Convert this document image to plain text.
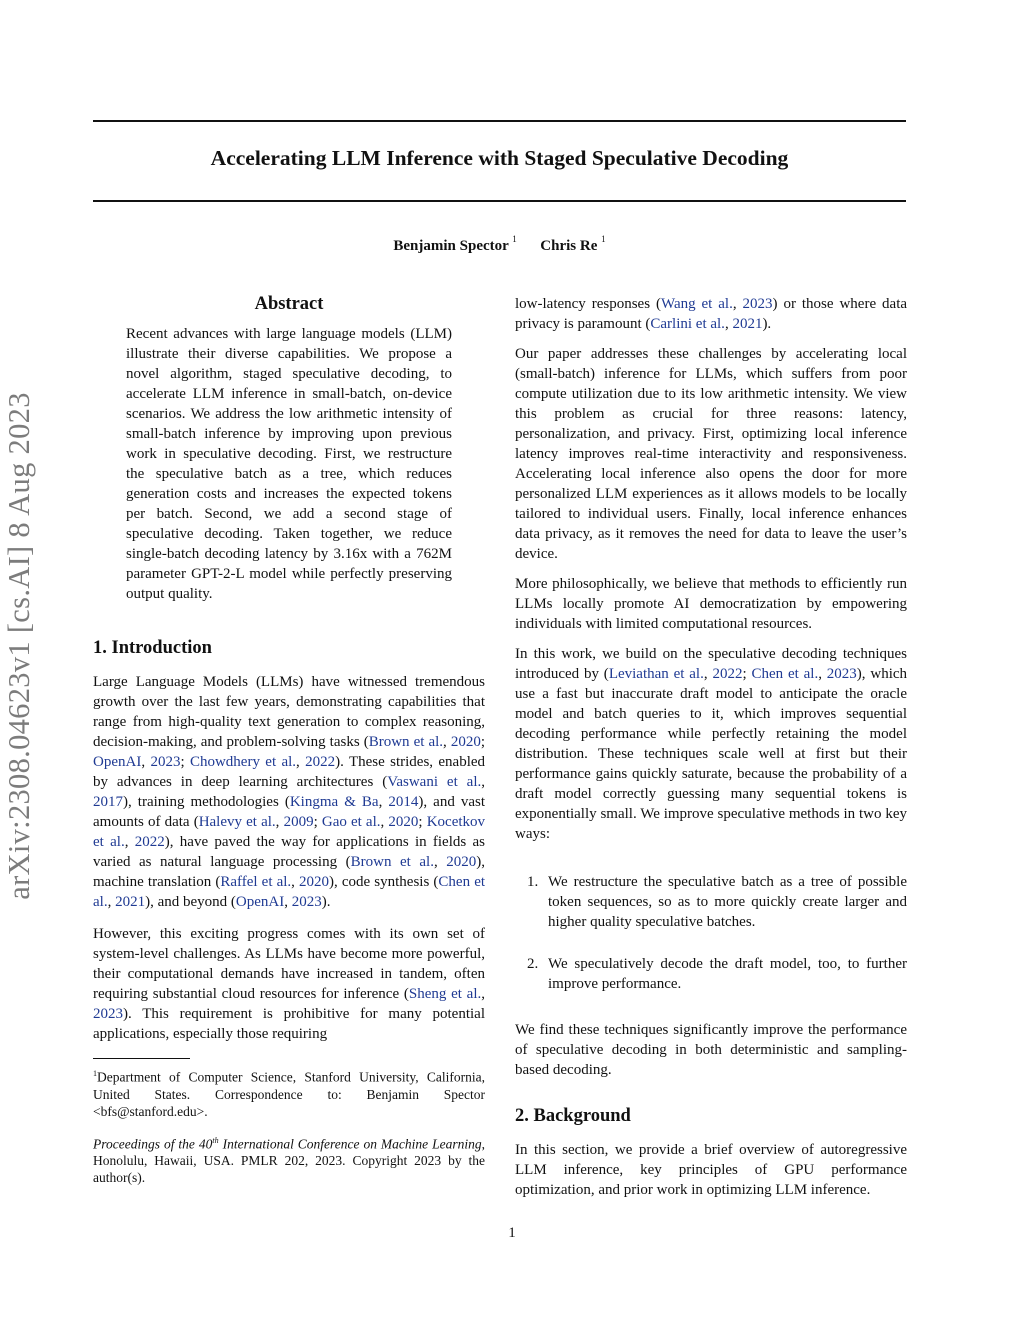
Accelerating LLM Inference with Staged Speculative Decoding
Benjamin Spector $^1$ Chris Re $^1$
arXiv:2308.04623v1 [cs.AI] 8 Aug 2023
Abstract

Recent advances with large language models (LLM) illustrate their diverse capabilities. We propose a novel algorithm, staged speculative decoding, to accelerate LLM inference in small-batch, on-device scenarios. We address the low arithmetic intensity of small-batch inference by improving upon previous work in speculative decoding. First, we restructure the speculative batch as a tree, which reduces generation costs and increases the expected tokens per batch. Second, we add a second stage of speculative decoding. Taken together, we reduce single-batch decoding latency by 3.16x with a 762M parameter GPT-2-L model while perfectly preserving output quality.

1. Introduction

Large Language Models (LLMs) have witnessed tremendous growth over the last few years, demonstrating capabilities that range from high-quality text generation to complex reasoning, decision-making, and problem-solving tasks (Brown et al., 2020; OpenAI, 2023; Chowdhery et al., 2022). These strides, enabled by advances in deep learning architectures (Vaswani et al., 2017), training methodologies (Kingma & Ba, 2014), and vast amounts of data (Halevy et al., 2009; Gao et al., 2020; Kocetkov et al., 2022), have paved the way for applications in fields as varied as natural language processing (Brown et al., 2020), machine translation (Raffel et al., 2020), code synthesis (Chen et al., 2021), and beyond (OpenAI, 2023).

However, this exciting progress comes with its own set of system-level challenges. As LLMs have become more powerful, their computational demands have increased in tandem, often requiring substantial cloud resources for inference (Sheng et al., 2023). This requirement is prohibitive for many potential applications, especially those requiring

$^1$Department of Computer Science, Stanford University, California, United States. Correspondence to: Benjamin Spector <bfs@stanford.edu>.

Proceedings of the 40th International Conference on Machine Learning, Honolulu, Hawaii, USA. PMLR 202, 2023. Copyright 2023 by the author(s).

low-latency responses (Wang et al., 2023) or those where data privacy is paramount (Carlini et al., 2021).

Our paper addresses these challenges by accelerating local (small-batch) inference for LLMs, which suffers from poor compute utilization due to its low arithmetic intensity. We view this problem as crucial for three reasons: latency, personalization, and privacy. First, optimizing local inference latency improves real-time interactivity and responsiveness. Accelerating local inference also opens the door for more personalized LLM experiences as it allows models to be locally tailored to individual users. Finally, local inference enhances data privacy, as it removes the need for data to leave the user’s device.

More philosophically, we believe that methods to efficiently run LLMs locally promote AI democratization by empowering individuals with limited computational resources.

In this work, we build on the speculative decoding techniques introduced by (Leviathan et al., 2022; Chen et al., 2023), which use a fast but inaccurate draft model to anticipate the oracle model and batch queries to it, which improves sequential decoding performance while perfectly retaining the model distribution. These techniques scale well at first but their performance gains quickly saturate, because the probability of a draft model correctly guessing many sequential tokens is exponentially small. We improve speculative methods in two key ways:

1. We restructure the speculative batch as a tree of possible token sequences, so as to more quickly create larger and higher quality speculative batches.
2. We speculatively decode the draft model, too, to further improve performance.

We find these techniques significantly improve the performance of speculative decoding in both deterministic and sampling-based decoding.

2. Background

In this section, we provide a brief overview of autoregressive LLM inference, key principles of GPU performance optimization, and prior work in optimizing LLM inference.

1
